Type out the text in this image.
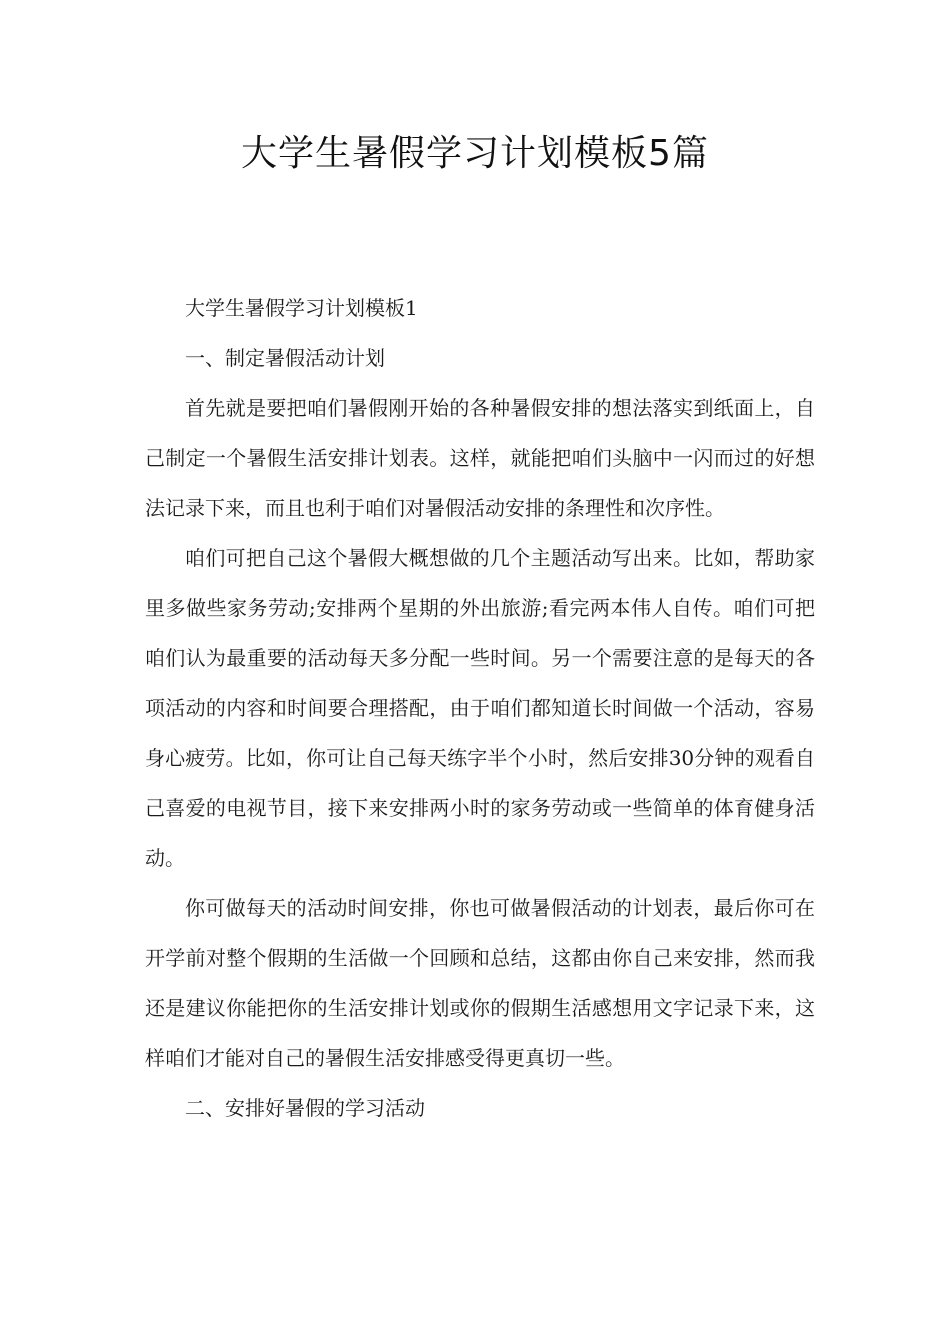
大学生暑假学习计划模板5篇

大学生暑假学习计划模板1

一、制定暑假活动计划

首先就是要把咱们暑假刚开始的各种暑假安排的想法落实到纸面上，自己制定一个暑假生活安排计划表。这样，就能把咱们头脑中一闪而过的好想法记录下来，而且也利于咱们对暑假活动安排的条理性和次序性。

咱们可把自己这个暑假大概想做的几个主题活动写出来。比如，帮助家里多做些家务劳动;安排两个星期的外出旅游;看完两本伟人自传。咱们可把咱们认为最重要的活动每天多分配一些时间。另一个需要注意的是每天的各项活动的内容和时间要合理搭配，由于咱们都知道长时间做一个活动，容易身心疲劳。比如，你可让自己每天练字半个小时，然后安排30分钟的观看自己喜爱的电视节目，接下来安排两小时的家务劳动或一些简单的体育健身活动。

你可做每天的活动时间安排，你也可做暑假活动的计划表，最后你可在开学前对整个假期的生活做一个回顾和总结，这都由你自己来安排，然而我还是建议你能把你的生活安排计划或你的假期生活感想用文字记录下来，这样咱们才能对自己的暑假生活安排感受得更真切一些。

二、安排好暑假的学习活动
